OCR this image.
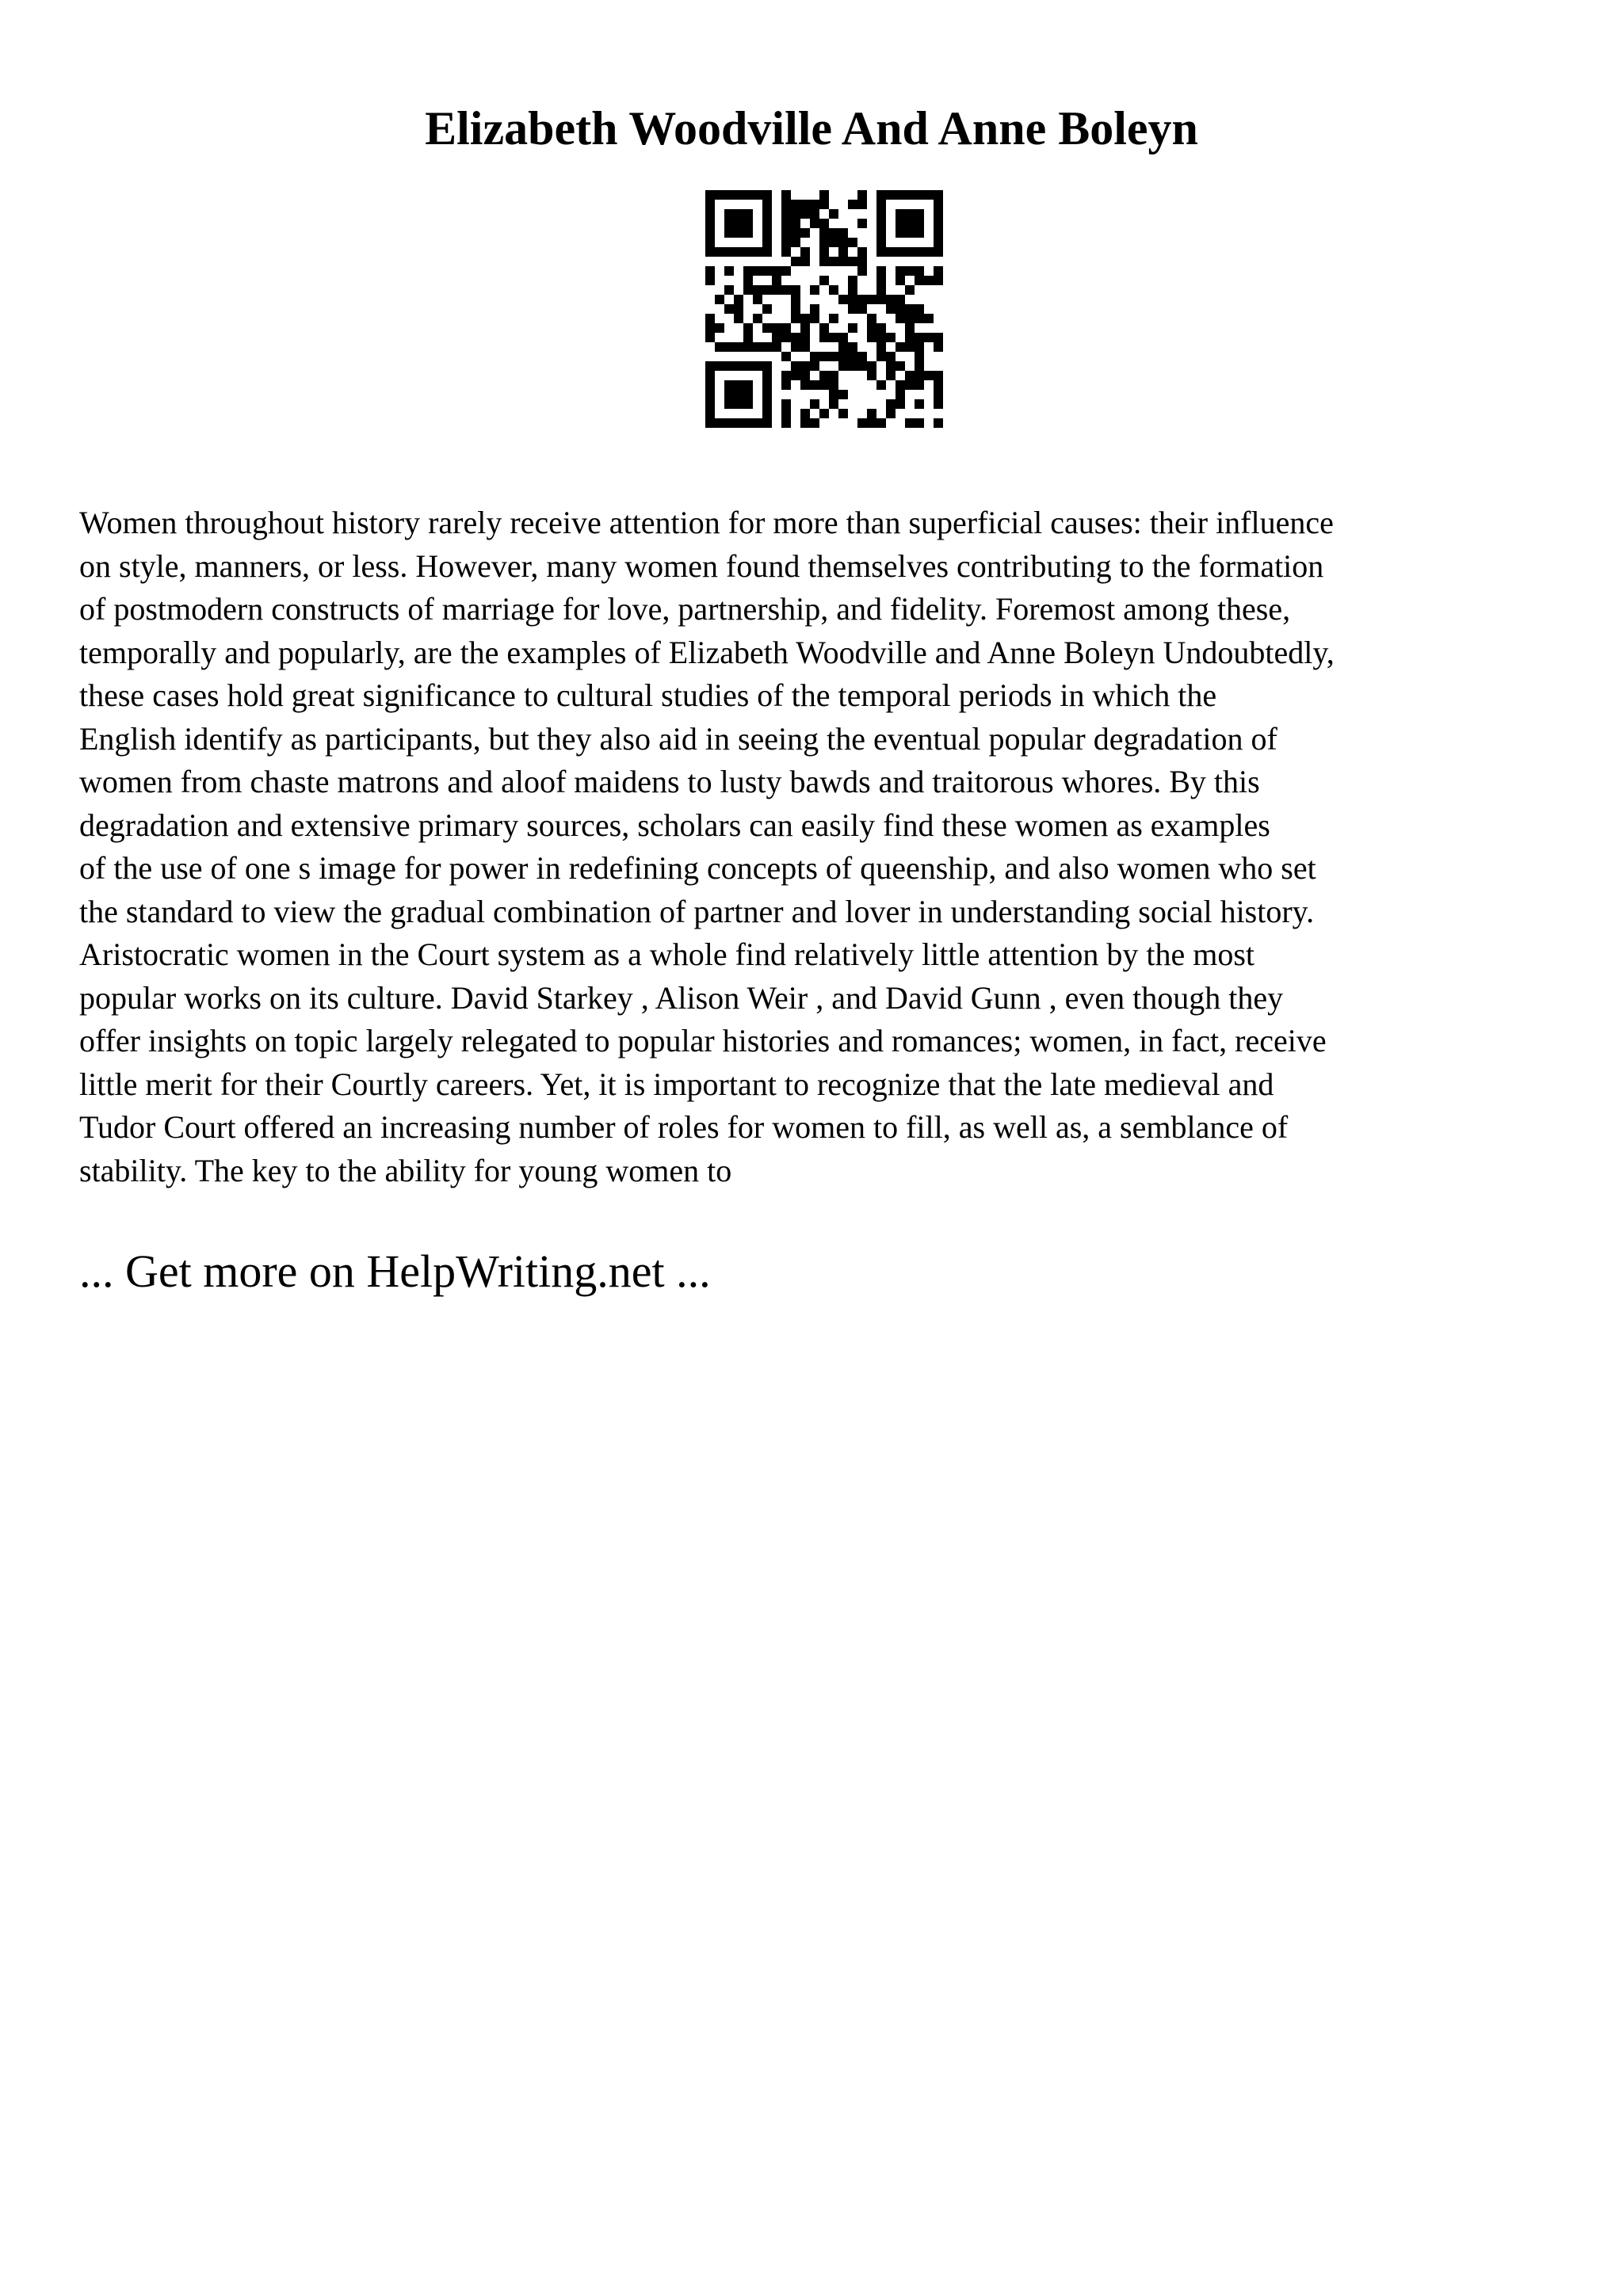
Elizabeth Woodville And Anne Boleyn

Women throughout history rarely receive attention for more than superficial causes: their influence
on style, manners, or less. However, many women found themselves contributing to the formation
of postmodern constructs of marriage for love, partnership, and fidelity. Foremost among these,
temporally and popularly, are the examples of Elizabeth Woodville and Anne Boleyn Undoubtedly,
these cases hold great significance to cultural studies of the temporal periods in which the
English identify as participants, but they also aid in seeing the eventual popular degradation of
women from chaste matrons and aloof maidens to lusty bawds and traitorous whores. By this
degradation and extensive primary sources, scholars can easily find these women as examples
of the use of one s image for power in redefining concepts of queenship, and also women who set
the standard to view the gradual combination of partner and lover in understanding social history.
Aristocratic women in the Court system as a whole find relatively little attention by the most
popular works on its culture. David Starkey , Alison Weir , and David Gunn , even though they
offer insights on topic largely relegated to popular histories and romances; women, in fact, receive
little merit for their Courtly careers. Yet, it is important to recognize that the late medieval and
Tudor Court offered an increasing number of roles for women to fill, as well as, a semblance of
stability. The key to the ability for young women to

... Get more on HelpWriting.net ...
